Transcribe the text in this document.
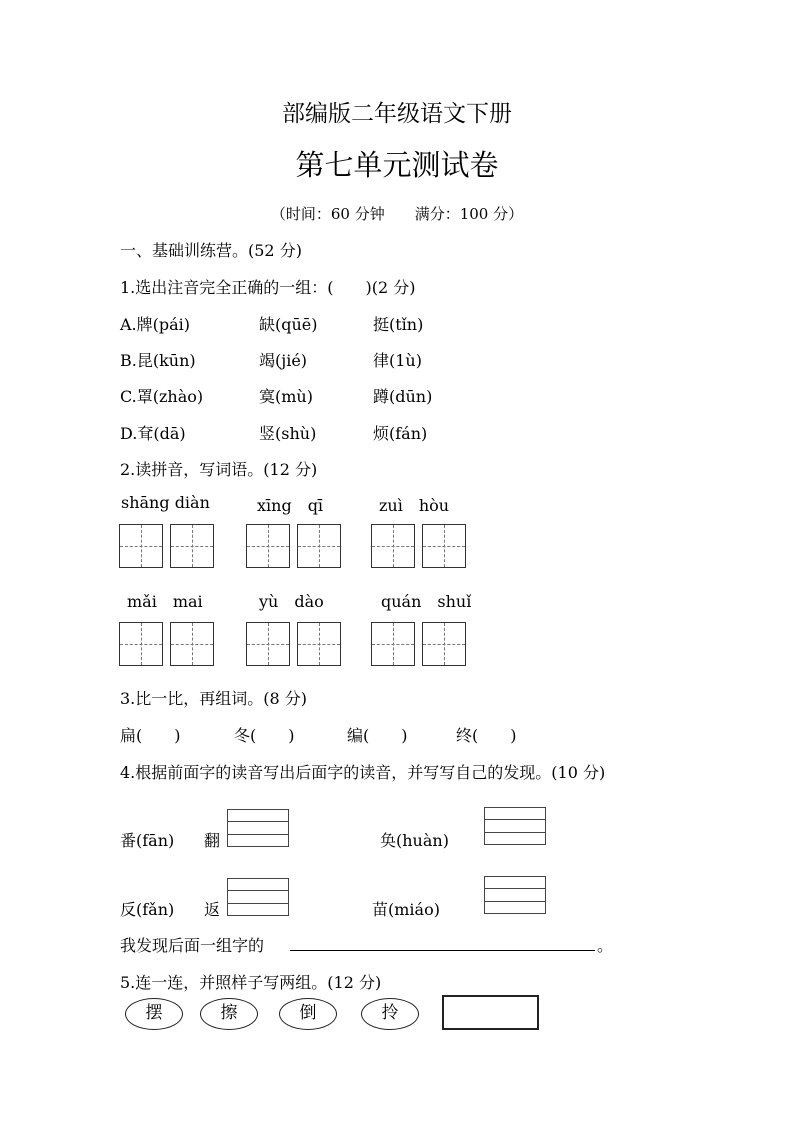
部编版二年级语文下册
第七单元测试卷
（时间：60 分钟　　满分：100 分）
一、基础训练营。(52 分)
1.选出注音完全正确的一组：(　　)(2 分)
A.牌(pái)	缺(qūē)	挺(tǐn)
B.昆(kūn)	竭(jié)	律(1ù)
C.罩(zhào)	寞(mù)	蹲(dūn)
D.耷(dā)	竖(shù)	烦(fán)
2.读拼音，写词语。(12 分)
shāng diàn	xīng　qī	zuì　hòu
mǎi　mai	yù　dào	quán　shuǐ
3.比一比，再组词。(8 分)
扁(　　)	冬(　　)	编(　　)	终(　　)
4.根据前面字的读音写出后面字的读音，并写写自己的发现。(10 分)
番(fān) 翻	奂(huàn)
反(fǎn) 返	苗(miáo)
我发现后面一组字的	。
5.连一连，并照样子写两组。(12 分)
摆	擦	倒	拎
